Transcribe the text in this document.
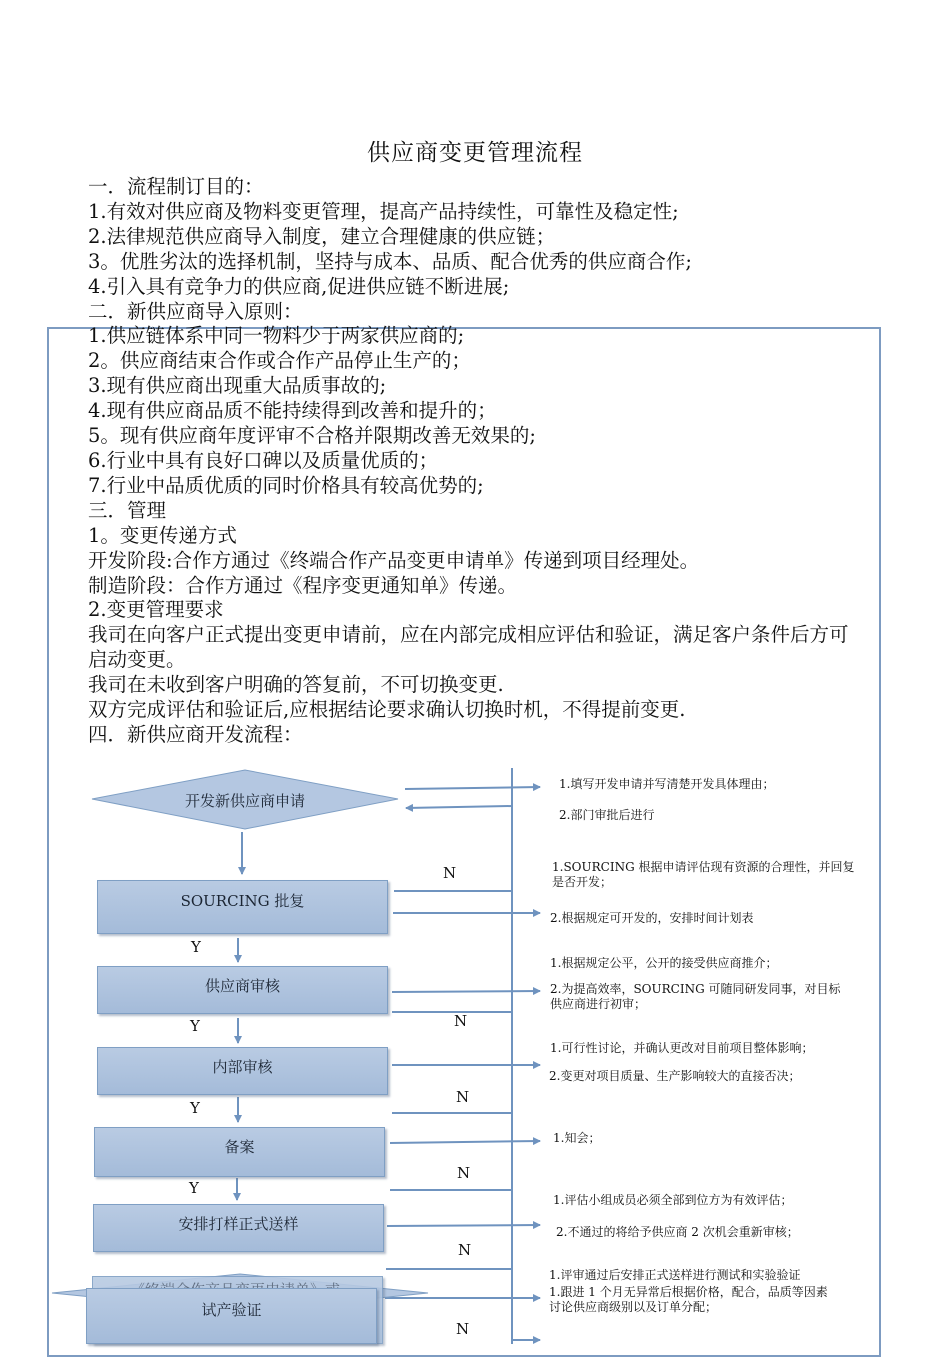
供应商变更管理流程
一．流程制订目的：
1.有效对供应商及物料变更管理，提高产品持续性，可靠性及稳定性;
2.法律规范供应商导入制度，建立合理健康的供应链；
3。优胜劣汰的选择机制，坚持与成本、品质、配合优秀的供应商合作;
4.引入具有竞争力的供应商,促进供应链不断进展;
二．新供应商导入原则：
1.供应链体系中同一物料少于两家供应商的;
2。供应商结束合作或合作产品停止生产的；
3.现有供应商出现重大品质事故的;
4.现有供应商品质不能持续得到改善和提升的；
5。现有供应商年度评审不合格并限期改善无效果的;
6.行业中具有良好口碑以及质量优质的；
7.行业中品质优质的同时价格具有较高优势的;
三．管理
1。变更传递方式
开发阶段:合作方通过《终端合作产品变更申请单》传递到项目经理处。
制造阶段：合作方通过《程序变更通知单》传递。
2.变更管理要求
我司在向客户正式提出变更申请前，应在内部完成相应评估和验证，满足客户条件后方可启动变更。
我司在未收到客户明确的答复前，不可切换变更.
双方完成评估和验证后,应根据结论要求确认切换时机，不得提前变更.
四．新供应商开发流程：
开发新供应商申请
SOURCING 批复
供应商审核
内部审核
备案
安排打样正式送样
试产验证
Y
Y
Y
Y
N
N
N
N
N
N
1.填写开发申请并写清楚开发具体理由；
2.部门审批后进行
1.SOURCING 根据申请评估现有资源的合理性，并回复是否开发；
2.根据规定可开发的，安排时间计划表
1.根据规定公平，公开的接受供应商推介；
2.为提高效率，SOURCING 可随同研发同事，对目标供应商进行初审；
1.可行性讨论，并确认更改对目前项目整体影响；
2.变更对项目质量、生产影响较大的直接否决；
1.知会；
1.评估小组成员必须全部到位方为有效评估；
2.不通过的将给予供应商 2 次机会重新审核；
1.评审通过后安排正式送样进行测试和实验验证
1.跟进 1 个月无异常后根据价格，配合，品质等因素讨论供应商级别以及订单分配；
